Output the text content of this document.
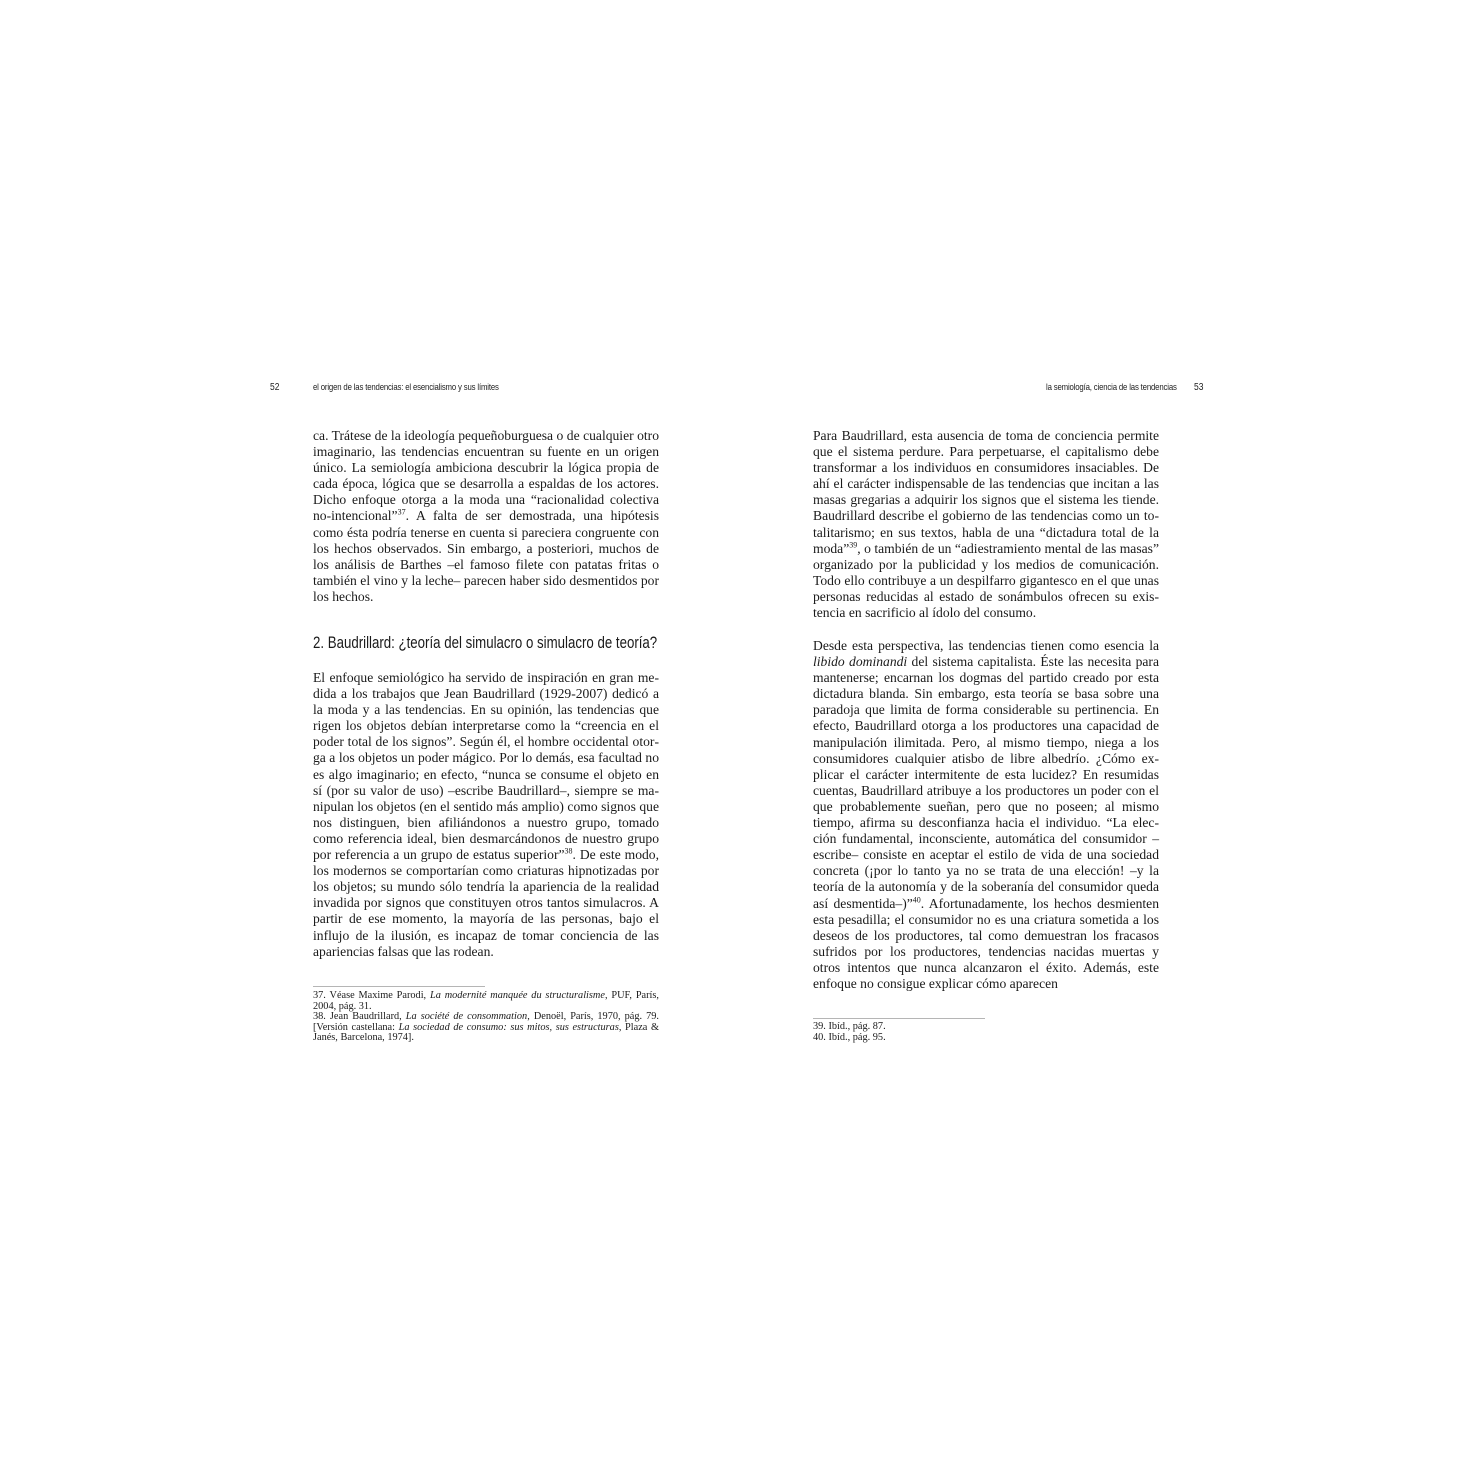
52	el origen de las tendencias: el esencialismo y sus límites

ca. Trátese de la ideología pequeñoburguesa o de cualquier otro imaginario, las tendencias encuentran su fuente en un origen único. La semiología ambiciona descubrir la lógica propia de cada época, lógica que se desarrolla a espaldas de los actores. Dicho enfoque otorga a la moda una “racionalidad colectiva no-intencional”$^{37}$. A falta de ser demostrada, una hipótesis como ésta podría tenerse en cuenta si pareciera congruente con los hechos observados. Sin embargo, a posteriori, muchos de los análisis de Barthes –el famoso filete con patatas fritas o también el vino y la leche– parecen haber sido desmentidos por los hechos.

2. Baudrillard: ¿teoría del simulacro o simulacro de teoría?

El enfoque semiológico ha servido de inspiración en gran medida a los trabajos que Jean Baudrillard (1929-2007) dedicó a la moda y a las tendencias. En su opinión, las tendencias que rigen los objetos debían interpretarse como la “creencia en el poder total de los signos”. Según él, el hombre occidental otorga a los objetos un poder mágico. Por lo demás, esa facultad no es algo imaginario; en efecto, “nunca se consume el objeto en sí (por su valor de uso) –escribe Baudrillard–, siempre se manipulan los objetos (en el sentido más amplio) como signos que nos distinguen, bien afiliándonos a nuestro grupo, tomado como referencia ideal, bien desmarcándonos de nuestro grupo por referencia a un grupo de estatus superior”$^{38}$. De este modo, los modernos se comportarían como criaturas hipnotizadas por los objetos; su mundo sólo tendría la apariencia de la realidad invadida por signos que constituyen otros tantos simulacros. A partir de ese momento, la mayoría de las personas, bajo el influjo de la ilusión, es incapaz de tomar conciencia de las apariencias falsas que las rodean.

37. Véase Maxime Parodi, La modernité manquée du structuralisme, PUF, París, 2004, pág. 31.

38. Jean Baudrillard, La société de consommation, Denoël, París, 1970, pág. 79. [Versión castellana: La sociedad de consumo: sus mitos, sus estructuras, Plaza & Janés, Barcelona, 1974].

la semiología, ciencia de las tendencias 53

Para Baudrillard, esta ausencia de toma de conciencia permite que el sistema perdure. Para perpetuarse, el capitalismo debe transformar a los individuos en consumidores insaciables. De ahí el carácter indispensable de las tendencias que incitan a las masas gregarias a adquirir los signos que el sistema les tiende. Baudrillard describe el gobierno de las tendencias como un totalitarismo; en sus textos, habla de una “dictadura total de la moda”$^{39}$, o también de un “adiestramiento mental de las masas” organizado por la publicidad y los medios de comunicación. Todo ello contribuye a un despilfarro gigantesco en el que unas personas reducidas al estado de sonámbulos ofrecen su existencia en sacrificio al ídolo del consumo.

Desde esta perspectiva, las tendencias tienen como esencia la libido dominandi del sistema capitalista. Éste las necesita para mantenerse; encarnan los dogmas del partido creado por esta dictadura blanda. Sin embargo, esta teoría se basa sobre una paradoja que limita de forma considerable su pertinencia. En efecto, Baudrillard otorga a los productores una capacidad de manipulación ilimitada. Pero, al mismo tiempo, niega a los consumidores cualquier atisbo de libre albedrío. ¿Cómo explicar el carácter intermitente de esta lucidez? En resumidas cuentas, Baudrillard atribuye a los productores un poder con el que probablemente sueñan, pero que no poseen; al mismo tiempo, afirma su desconfianza hacia el individuo. “La elección fundamental, inconsciente, automática del consumidor –escribe– consiste en aceptar el estilo de vida de una sociedad concreta (¡por lo tanto ya no se trata de una elección! –y la teoría de la autonomía y de la soberanía del consumidor queda así desmentida–)”$^{40}$. Afortunadamente, los hechos desmienten esta pesadilla; el consumidor no es una criatura sometida a los deseos de los productores, tal como demuestran los fracasos sufridos por los productores, tendencias nacidas muertas y otros intentos que nunca alcanzaron el éxito. Además, este enfoque no consigue explicar cómo aparecen

39. Ibíd., pág. 87.

40. Ibíd., pág. 95.
